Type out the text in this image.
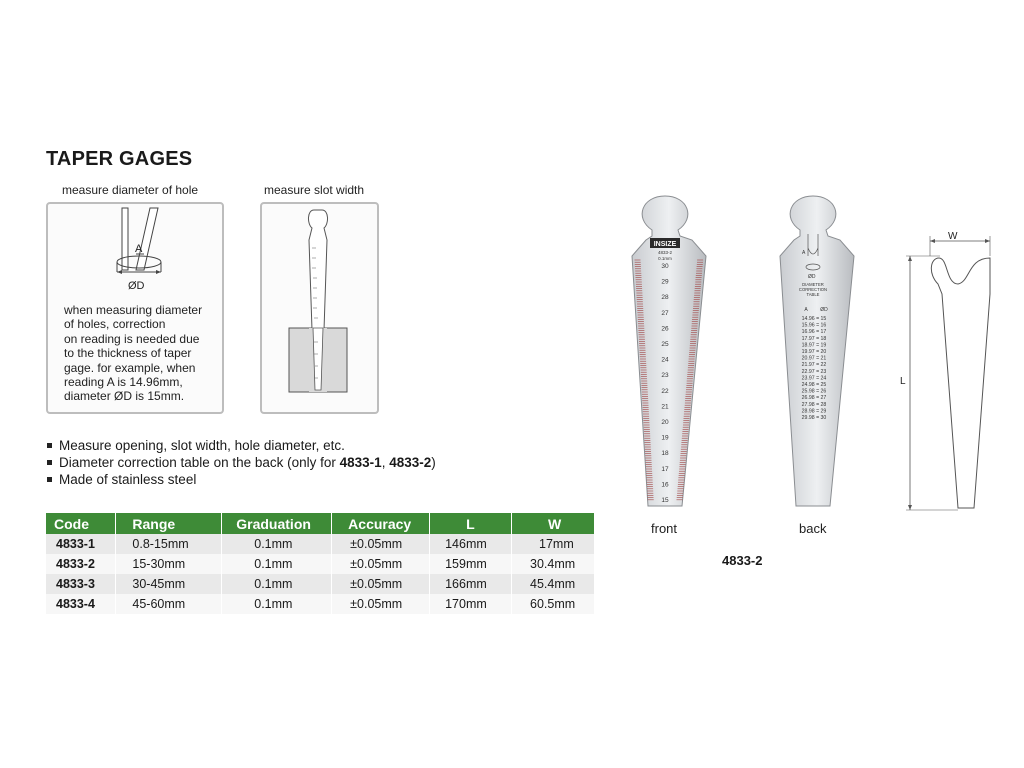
TAPER GAGES
measure diameter of hole	measure slot width
A
ØD
when measuring diameter
of holes, correction
on reading is needed due
to the thickness of taper
gage. for example, when
reading A is 14.96mm,
diameter ØD is 15mm.
Measure opening, slot width, hole diameter, etc.
Diameter correction table on the back (only for 4833-1, 4833-2)
Made of stainless steel
Code	Range	Graduation	Accuracy	L	W
4833-1	0.8-15mm	0.1mm	±0.05mm	146mm	17mm
4833-2	15-30mm	0.1mm	±0.05mm	159mm	30.4mm
4833-3	30-45mm	0.1mm	±0.05mm	166mm	45.4mm
4833-4	45-60mm	0.1mm	±0.05mm	170mm	60.5mm
INSIZE
4833-2
0.1mm
30
29
28
27
26
25
24
23
22
21
20
19
18
17
16
15
front
A
ØD
DIAMETER
CORRECTION
TABLE
A	ØD
14.96 = 15
15.96 = 16
16.96 = 17
17.97 = 18
18.97 = 19
19.97 = 20
20.97 = 21
21.97 = 22
22.97 = 23
23.97 = 24
24.98 = 25
25.98 = 26
26.98 = 27
27.98 = 28
28.98 = 29
29.98 = 30
back
W
L
4833-2
